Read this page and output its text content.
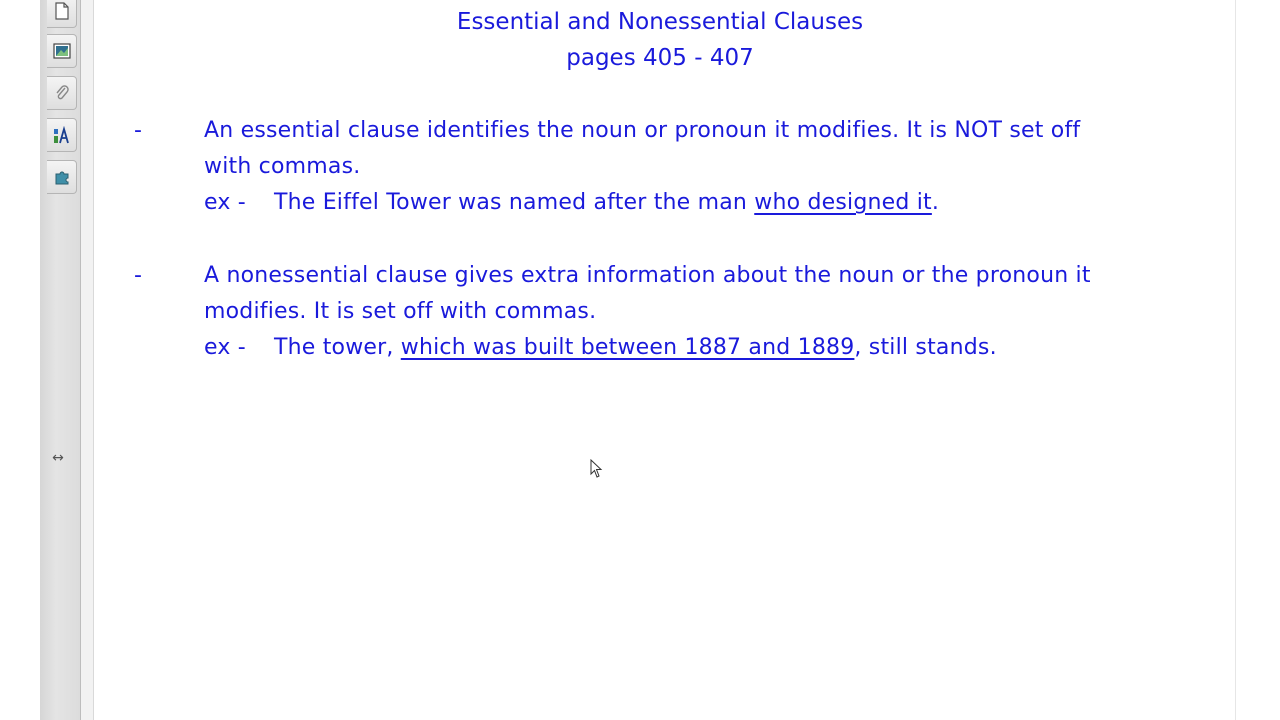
↔
Essential and Nonessential Clauses
pages 405 - 407
-	An essential clause identifies the noun or pronoun it modifies. It is NOT set off
with commas.
ex - The Eiffel Tower was named after the man who designed it.
-	A nonessential clause gives extra information about the noun or the pronoun it
modifies. It is set off with commas.
ex - The tower, which was built between 1887 and 1889, still stands.
